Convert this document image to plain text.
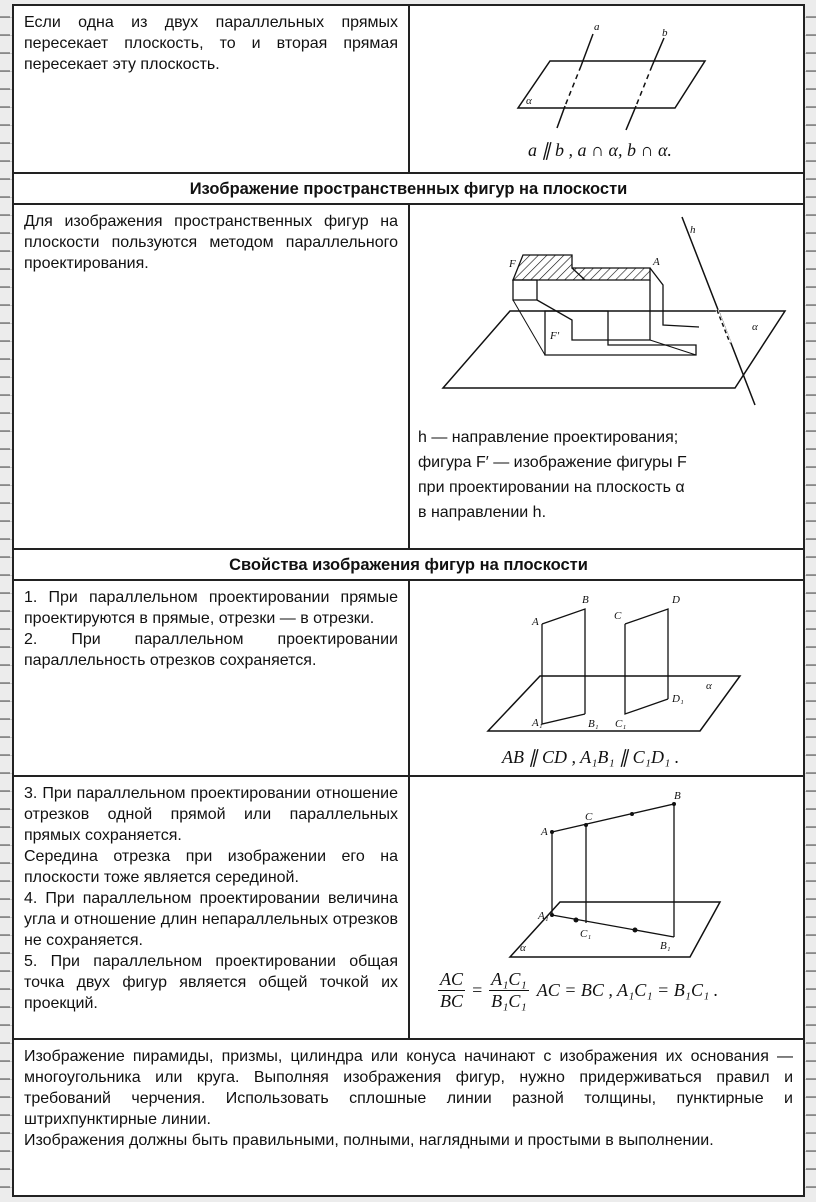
Если одна из двух параллельных прямых пересекает плоскость, то и вторая прямая пересекает эту плоскость.

a	b
α
a ∥ b , a ∩ α, b ∩ α.
Изображение пространственных фигур на плоскости

Для изображения пространственных фигур на плоскости пользуются методом параллельного проектирования.	F	A
F′
h
α

h — направление проектирования;

фигура F′ — изображение фигуры F

при проектировании на плоскость α

в направлении h.

Свойства изображения фигур на плоскости

1. При параллельном проектировании прямые проектируются в прямые, отрезки — в отрезки.

2. При параллельном проектировании параллельность отрезков сохраняется.

A
B
C
D
A₁	B₁ C₁
D₁
α
AB ∥ CD , A₁B₁ ∥ C₁D₁ .

3. При параллельном проектировании отношение отрезков одной прямой или параллельных прямых сохраняется.

Середина отрезка при изображении его на плоскости тоже является серединой.

4. При параллельном проектировании величина угла и отношение длин непараллельных отрезков не сохраняется.

5. При параллельном проектировании общая точка двух фигур является общей точкой их проекций.

A
C
B
A₁
C₁
B₁
α
$\frac{AC}{BC} = \frac{\text{A₁C₁}}{\text{B₁C₁}}$ AC = BC , A₁C₁ = B₁C₁ .

Изображение пирамиды, призмы, цилиндра или конуса начинают с изображения их основания — многоугольника или круга. Выполняя изображения фигур, нужно придерживаться правил и требований черчения. Использовать сплошные линии разной толщины, пунктирные и штрихпунктирные линии.

Изображения должны быть правильными, полными, наглядными и простыми в выполнении.
